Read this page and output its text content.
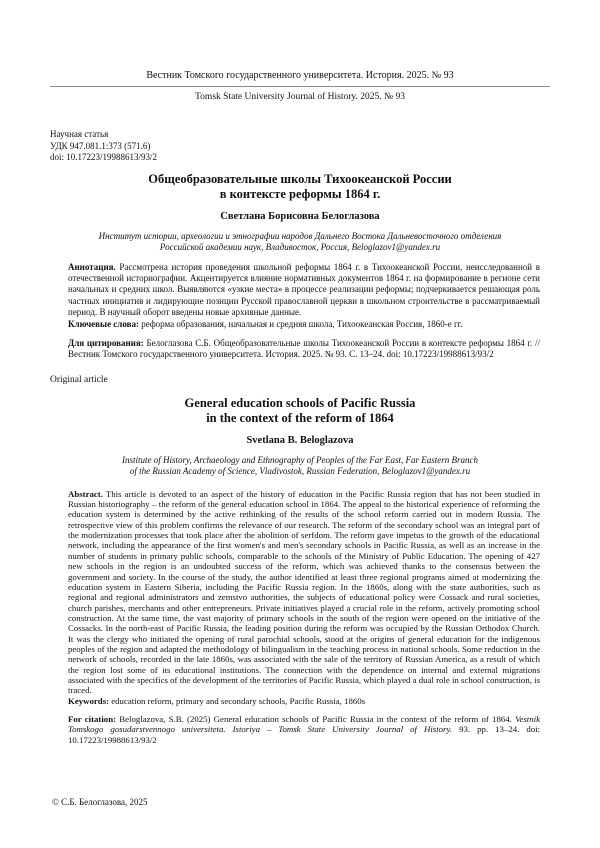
Вестник Томского государственного университета. История. 2025. № 93
Tomsk State University Journal of History. 2025. № 93
Научная статья
УДК 947.081.1:373 (571.6)
doi: 10.17223/19988613/93/2
Общеобразовательные школы Тихоокеанской России
в контексте реформы 1864 г.
Светлана Борисовна Белоглазова
Институт истории, археологии и этнографии народов Дальнего Востока Дальневосточного отделения
Российской академии наук, Владивосток, Россия, Beloglazov1@yandex.ru
Аннотация. Рассмотрена история проведения школьной реформы 1864 г. в Тихоокеанской России, неисследованной в отечественной историографии. Акцентируется влияние нормативных документов 1864 г. на формирование в регионе сети начальных и средних школ. Выявляются «узкие места» в процессе реализации реформы; подчеркивается решающая роль частных инициатив и лидирующие позиции Русской православной церкви в школьном строительстве в рассматриваемый период. В научный оборот введены новые архивные данные.
Ключевые слова: реформа образования, начальная и средняя школа, Тихоокеанская Россия, 1860-е гг.
Для цитирования: Белоглазова С.Б. Общеобразовательные школы Тихоокеанской России в контексте реформы 1864 г. // Вестник Томского государственного университета. История. 2025. № 93. С. 13–24. doi: 10.17223/19988613/93/2
Original article
General education schools of Pacific Russia
in the context of the reform of 1864
Svetlana B. Beloglazova
Institute of History, Archaeology and Ethnography of Peoples of the Far East, Far Eastern Branch
of the Russian Academy of Science, Vladivostok, Russian Federation, Beloglazov1@yandex.ru
Abstract. This article is devoted to an aspect of the history of education in the Pacific Russia region that has not been studied in Russian historiography – the reform of the general education school in 1864. The appeal to the historical experience of reforming the education system is determined by the active rethinking of the results of the school reform carried out in modern Russia. The retrospective view of this problem confirms the relevance of our research. The reform of the secondary school was an integral part of the modernization processes that took place after the abolition of serfdom. The reform gave impetus to the growth of the educational network, including the appearance of the first women's and men's secondary schools in Pacific Russia, as well as an increase in the number of students in primary public schools, comparable to the schools of the Ministry of Public Education. The opening of 427 new schools in the region is an undoubted success of the reform, which was achieved thanks to the consensus between the government and society. In the course of the study, the author identified at least three regional programs aimed at modernizing the education system in Eastern Siberia, including the Pacific Russia region. In the 1860s, along with the state authorities, such as regional and regional administrators and zemstvo authorities, the subjects of educational policy were Cossack and rural societies, church parishes, merchants and other entrepreneurs. Private initiatives played a crucial role in the reform, actively promoting school construction. At the same time, the vast majority of primary schools in the south of the region were opened on the initiative of the Cossacks. In the north-east of Pacific Russia, the leading position during the reform was occupied by the Russian Orthodox Church. It was the clergy who initiated the opening of rural parochial schools, stood at the origins of general education for the indigenous peoples of the region and adapted the methodology of bilingualism in the teaching process in national schools. Some reduction in the network of schools, recorded in the late 1860s, was associated with the sale of the territory of Russian America, as a result of which the region lost some of its educational institutions. The connection with the dependence on internal and external migrations associated with the specifics of the development of the territories of Pacific Russia, which played a dual role in school construction, is traced.
Keywords: education reform, primary and secondary schools, Pacific Russia, 1860s
For citation: Beloglazova, S.B. (2025) General education schools of Pacific Russia in the context of the reform of 1864. Vestnik Tomskogo gosudarstvennogo universiteta. Istoriya – Tomsk State University Journal of History. 93. pp. 13–24. doi: 10.17223/19988613/93/2
© С.Б. Белоглазова, 2025
